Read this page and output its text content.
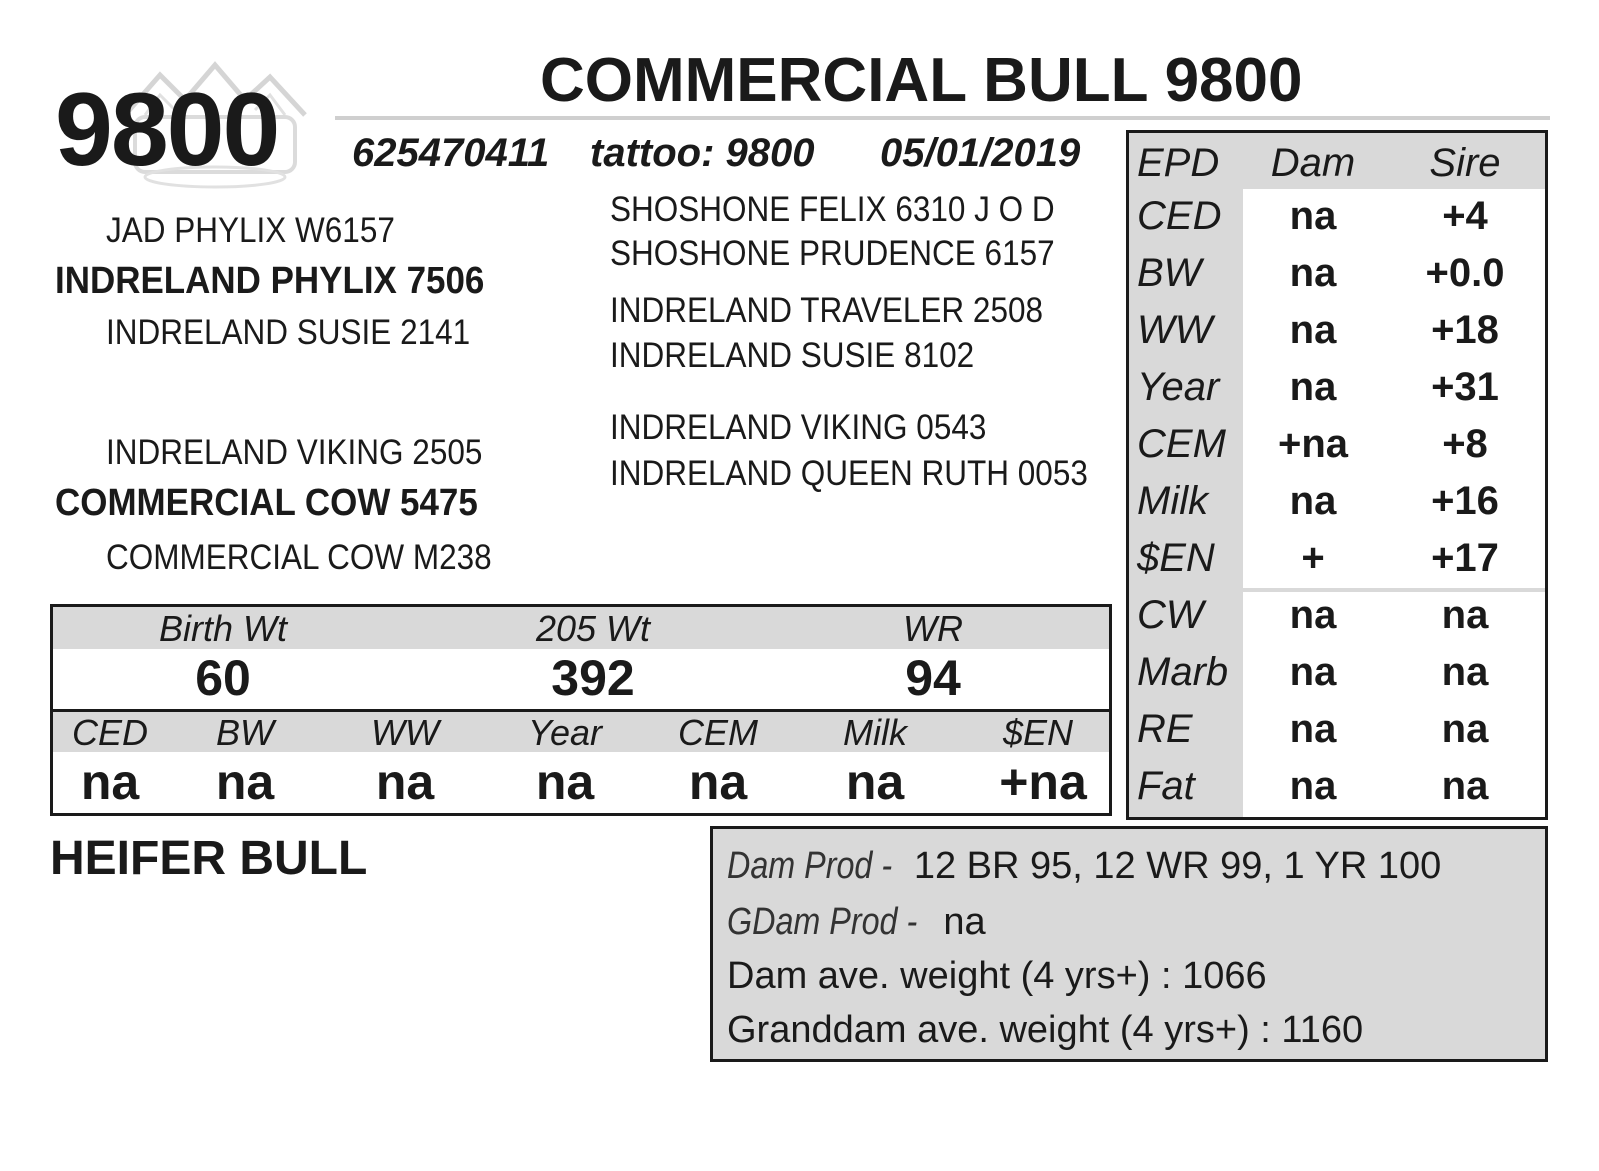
9800	COMMERCIAL BULL 9800
625470411 tattoo: 9800 05/01/2019
JAD PHYLIX W6157
INDRELAND PHYLIX 7506
INDRELAND SUSIE 2141
INDRELAND VIKING 2505
COMMERCIAL COW 5475
COMMERCIAL COW M238
SHOSHONE FELIX 6310 J O D
SHOSHONE PRUDENCE 6157
INDRELAND TRAVELER 2508
INDRELAND SUSIE 8102
INDRELAND VIKING 0543
INDRELAND QUEEN RUTH 0053
EPD	Dam	Sire
CED	na	+4
BW	na	+0.0
WW	na	+18
Year	na	+31
CEM	+na	+8
Milk	na	+16
$EN	+	+17
CW	na	na
Marb	na	na
RE	na	na
Fat	na	na
Birth Wt	205 Wt	WR
60	392	94
CED	BW	WW	Year	CEM	Milk	$EN
na	na	na	na	na	na	+na
HEIFER BULL	Dam Prod - 12 BR 95, 12 WR 99, 1 YR 100
GDam Prod - na
Dam ave. weight (4 yrs+) : 1066
Granddam ave. weight (4 yrs+) : 1160
